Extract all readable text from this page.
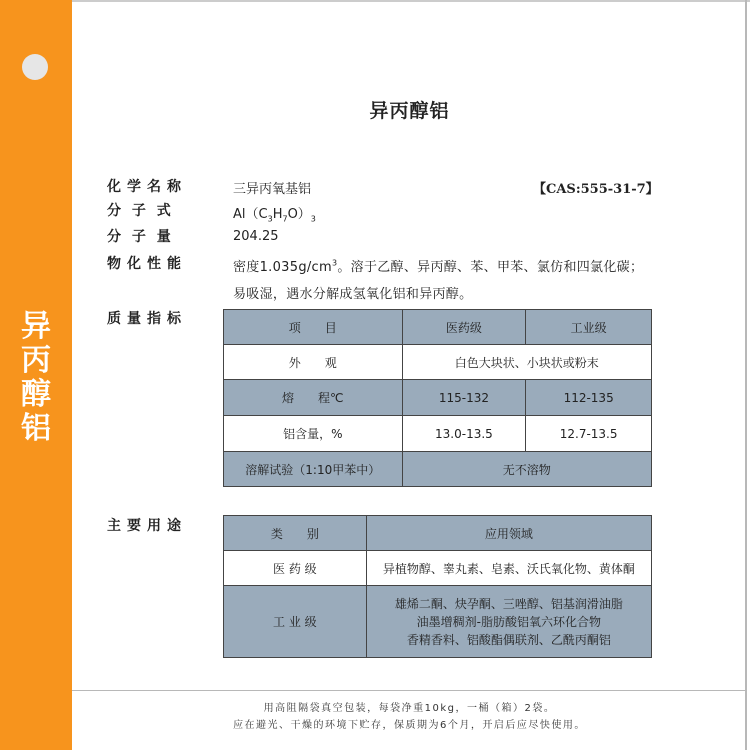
异
丙
醇
铝
异丙醇铝
化学名称	三异丙氧基铝	【CAS:555-31-7】
分 子 式	$Al(C_3H_7O)_3$
分 子 量	204.25
物化性能	密度$1.035g/cm^3$。溶于乙醇、异丙醇、苯、甲苯、氯仿和四氯化碳；
易吸湿，遇水分解成氢氧化铝和异丙醇。
质量指标
项　　目	医药级	工业级
外　　观	白色大块状、小块状或粉末	
熔　　程℃	115-132	112-135
铝含量，%	13.0-13.5	12.7-13.5
溶解试验（1:10甲苯中）	无不溶物	
主要用途	类　　别	应用领域
医 药 级	异植物醇、睾丸素、皂素、沃氏氧化物、黄体酮
工 业 级	雄烯二酮、炔孕酮、三唑醇、铝基润滑油脂
油墨增稠剂-脂肪酸铝氧六环化合物
香精香料、铝酸酯偶联剂、乙酰丙酮铝
用高阻隔袋真空包装，每袋净重10kg，一桶（箱）2袋。
应在避光、干燥的环境下贮存，保质期为6个月，开启后应尽快使用。
